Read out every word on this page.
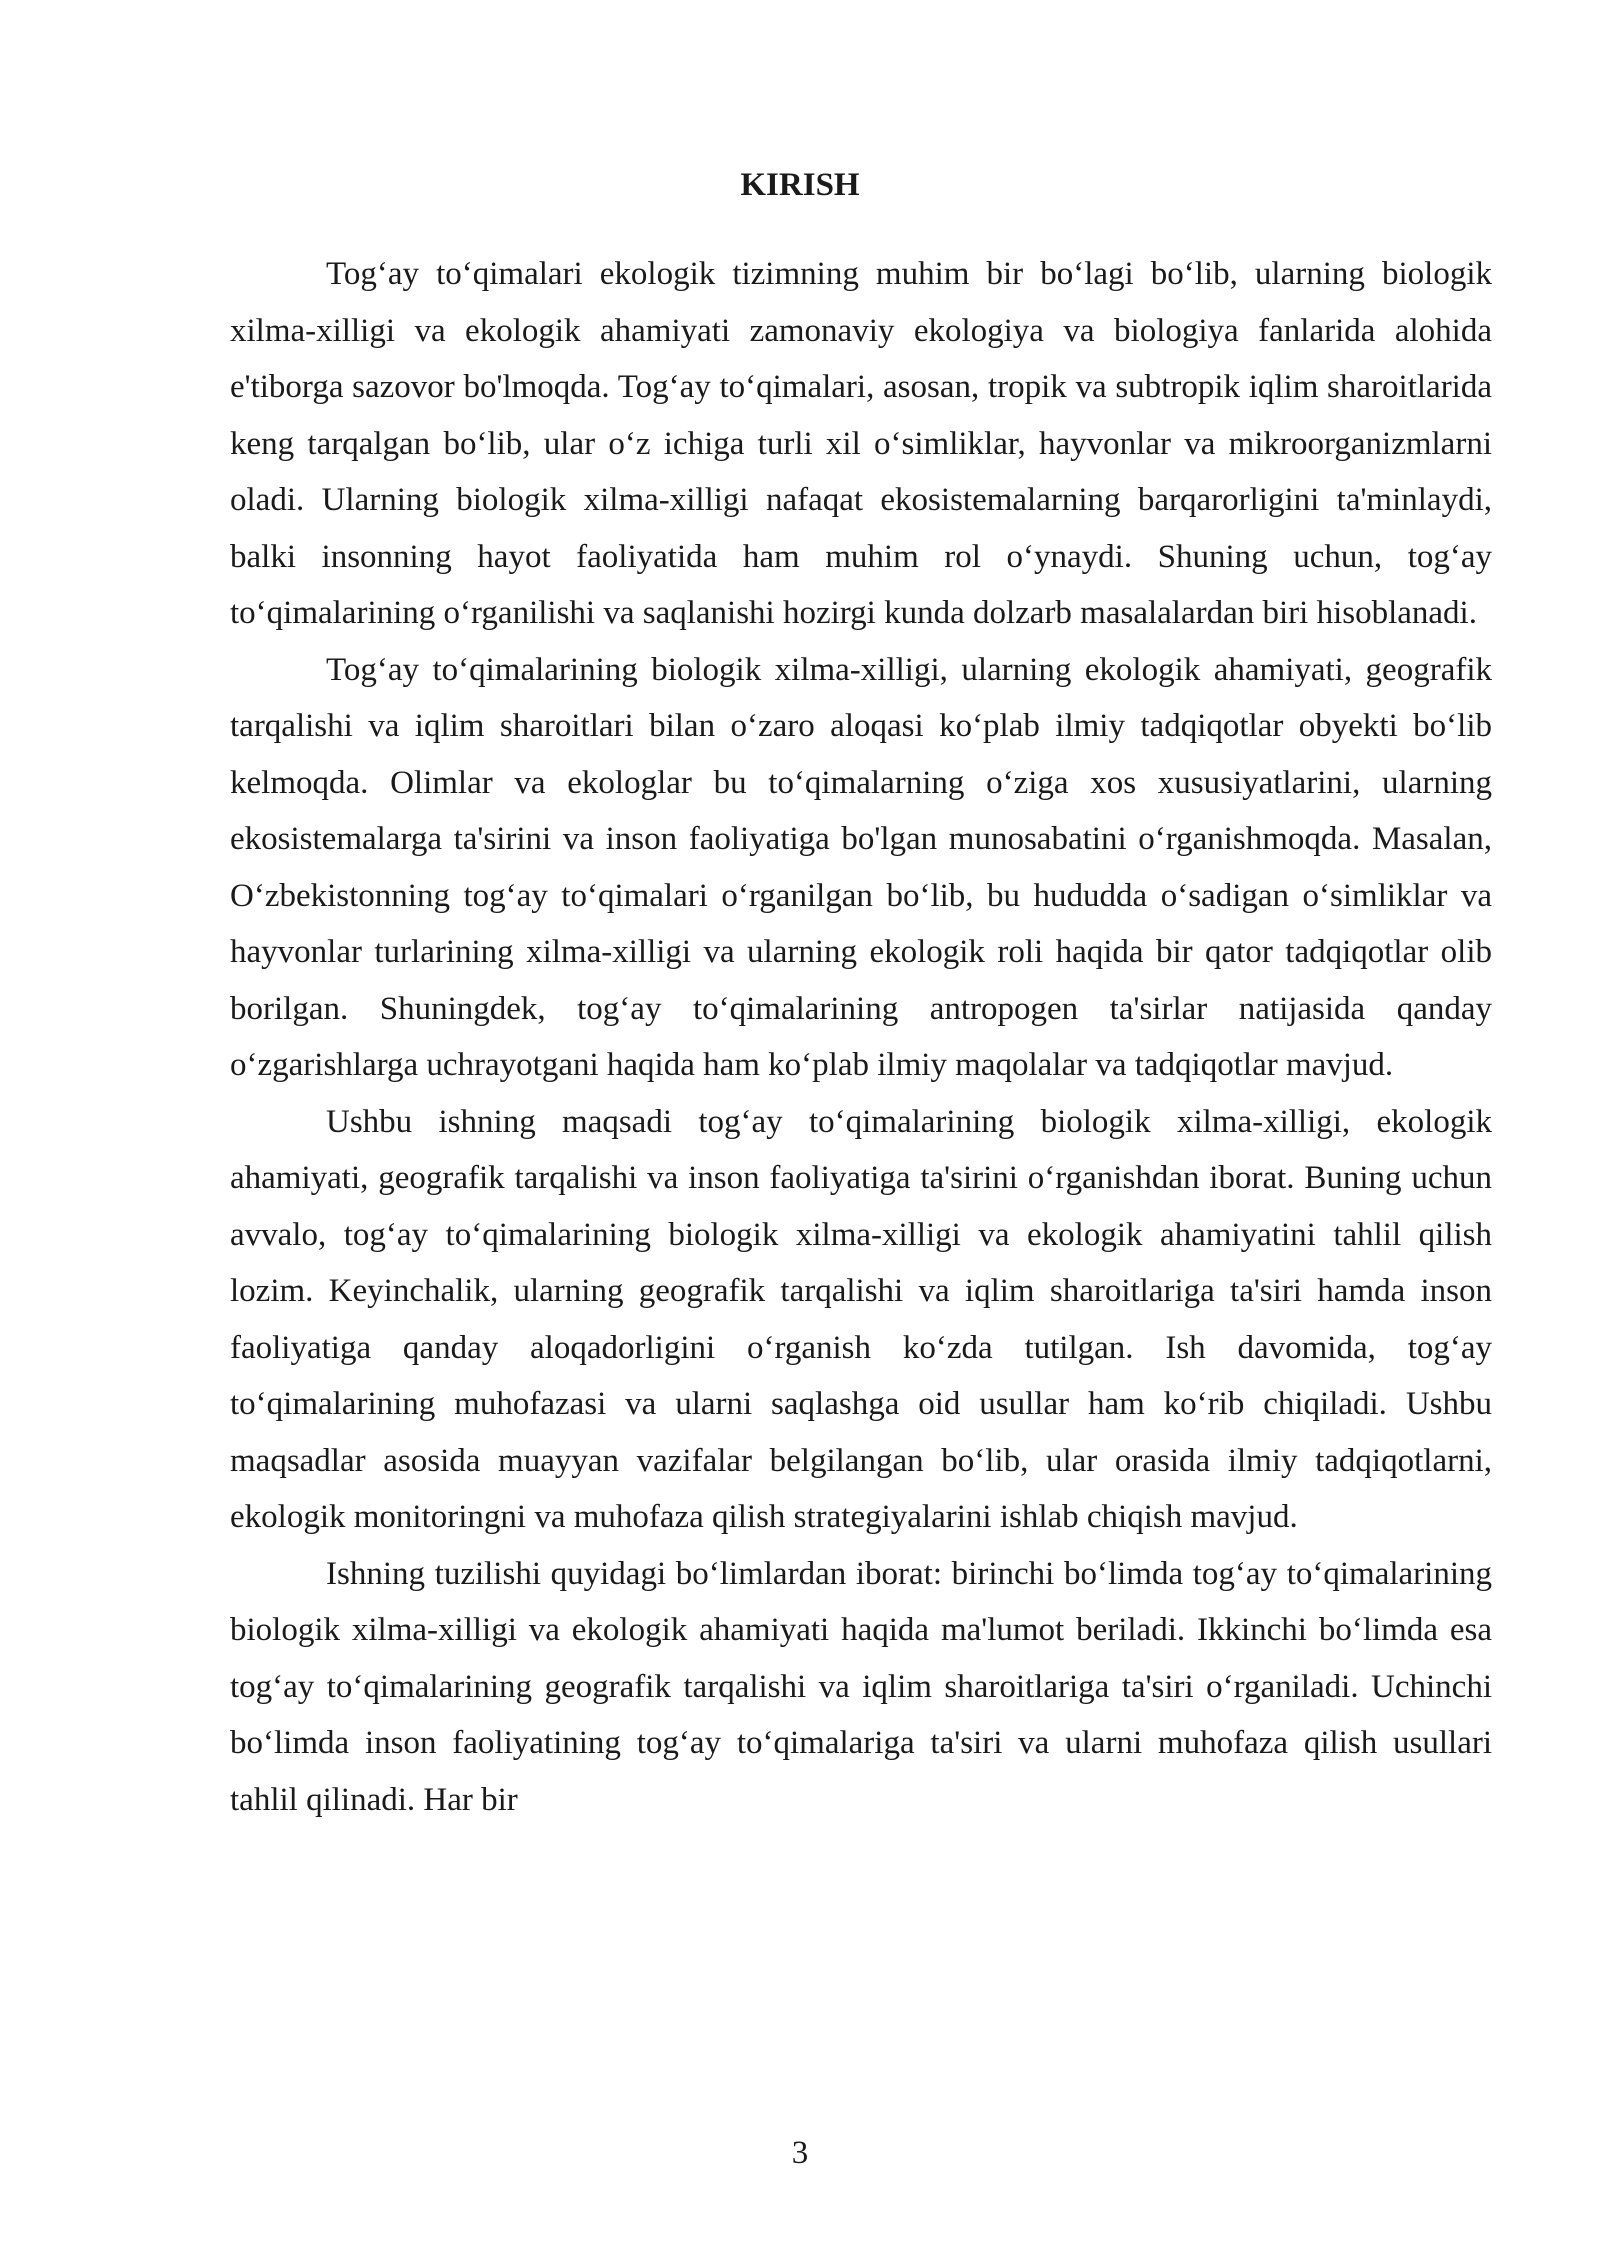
KIRISH

Tog‘ay to‘qimalari ekologik tizimning muhim bir bo‘lagi bo‘lib, ularning biologik xilma-xilligi va ekologik ahamiyati zamonaviy ekologiya va biologiya fanlarida alohida e'tiborga sazovor bo'lmoqda. Tog‘ay to‘qimalari, asosan, tropik va subtropik iqlim sharoitlarida keng tarqalgan bo‘lib, ular o‘z ichiga turli xil o‘simliklar, hayvonlar va mikroorganizmlarni oladi. Ularning biologik xilma-xilligi nafaqat ekosistemalarning barqarorligini ta'minlaydi, balki insonning hayot faoliyatida ham muhim rol o‘ynaydi. Shuning uchun, tog‘ay to‘qimalarining o‘rganilishi va saqlanishi hozirgi kunda dolzarb masalalardan biri hisoblanadi.

Tog‘ay to‘qimalarining biologik xilma-xilligi, ularning ekologik ahamiyati, geografik tarqalishi va iqlim sharoitlari bilan o‘zaro aloqasi ko‘plab ilmiy tadqiqotlar obyekti bo‘lib kelmoqda. Olimlar va ekologlar bu to‘qimalarning o‘ziga xos xususiyatlarini, ularning ekosistemalarga ta'sirini va inson faoliyatiga bo'lgan munosabatini o‘rganishmoqda. Masalan, O‘zbekistonning tog‘ay to‘qimalari o‘rganilgan bo‘lib, bu hududda o‘sadigan o‘simliklar va hayvonlar turlarining xilma-xilligi va ularning ekologik roli haqida bir qator tadqiqotlar olib borilgan. Shuningdek, tog‘ay to‘qimalarining antropogen ta'sirlar natijasida qanday o‘zgarishlarga uchrayotgani haqida ham ko‘plab ilmiy maqolalar va tadqiqotlar mavjud.

Ushbu ishning maqsadi tog‘ay to‘qimalarining biologik xilma-xilligi, ekologik ahamiyati, geografik tarqalishi va inson faoliyatiga ta'sirini o‘rganishdan iborat. Buning uchun avvalo, tog‘ay to‘qimalarining biologik xilma-xilligi va ekologik ahamiyatini tahlil qilish lozim. Keyinchalik, ularning geografik tarqalishi va iqlim sharoitlariga ta'siri hamda inson faoliyatiga qanday aloqadorligini o‘rganish ko‘zda tutilgan. Ish davomida, tog‘ay to‘qimalarining muhofazasi va ularni saqlashga oid usullar ham ko‘rib chiqiladi. Ushbu maqsadlar asosida muayyan vazifalar belgilangan bo‘lib, ular orasida ilmiy tadqiqotlarni, ekologik monitoringni va muhofaza qilish strategiyalarini ishlab chiqish mavjud.

Ishning tuzilishi quyidagi bo‘limlardan iborat: birinchi bo‘limda tog‘ay to‘qimalarining biologik xilma-xilligi va ekologik ahamiyati haqida ma'lumot beriladi. Ikkinchi bo‘limda esa tog‘ay to‘qimalarining geografik tarqalishi va iqlim sharoitlariga ta'siri o‘rganiladi. Uchinchi bo‘limda inson faoliyatining tog‘ay to‘qimalariga ta'siri va ularni muhofaza qilish usullari tahlil qilinadi. Har bir

3
